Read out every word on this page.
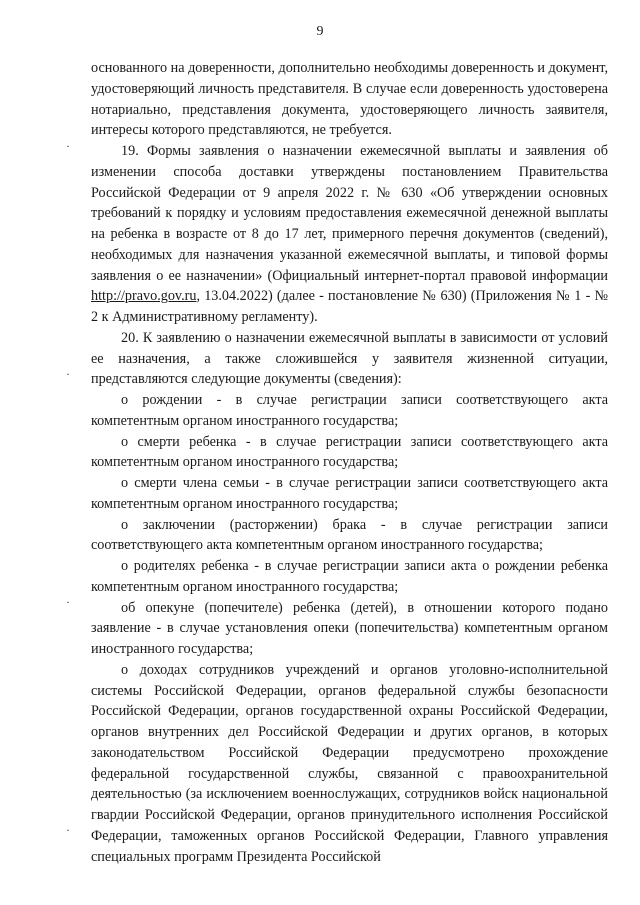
9
·
·
·
·

основанного на доверенности, дополнительно необходимы доверенность и документ, удостоверяющий личность представителя. В случае если доверенность удостоверена нотариально, представления документа, удостоверяющего личность заявителя, интересы которого представляются, не требуется.

19. Формы заявления о назначении ежемесячной выплаты и заявления об изменении способа доставки утверждены постановлением Правительства Российской Федерации от 9 апреля 2022 г. № 630 «Об утверждении основных требований к порядку и условиям предоставления ежемесячной денежной выплаты на ребенка в возрасте от 8 до 17 лет, примерного перечня документов (сведений), необходимых для назначения указанной ежемесячной выплаты, и типовой формы заявления о ее назначении» (Официальный интернет-портал правовой информации http://pravo.gov.ru, 13.04.2022) (далее - постановление № 630) (Приложения № 1 - № 2 к Административному регламенту).

20. К заявлению о назначении ежемесячной выплаты в зависимости от условий ее назначения, а также сложившейся у заявителя жизненной ситуации, представляются следующие документы (сведения):

о рождении - в случае регистрации записи соответствующего акта компетентным органом иностранного государства;

о смерти ребенка - в случае регистрации записи соответствующего акта компетентным органом иностранного государства;

о смерти члена семьи - в случае регистрации записи соответствующего акта компетентным органом иностранного государства;

о заключении (расторжении) брака - в случае регистрации записи соответствующего акта компетентным органом иностранного государства;

о родителях ребенка - в случае регистрации записи акта о рождении ребенка компетентным органом иностранного государства;

об опекуне (попечителе) ребенка (детей), в отношении которого подано заявление - в случае установления опеки (попечительства) компетентным органом иностранного государства;

о доходах сотрудников учреждений и органов уголовно-исполнительной системы Российской Федерации, органов федеральной службы безопасности Российской Федерации, органов государственной охраны Российской Федерации, органов внутренних дел Российской Федерации и других органов, в которых законодательством Российской Федерации предусмотрено прохождение федеральной государственной службы, связанной с правоохранительной деятельностью (за исключением военнослужащих, сотрудников войск национальной гвардии Российской Федерации, органов принудительного исполнения Российской Федерации, таможенных органов Российской Федерации, Главного управления специальных программ Президента Российской
